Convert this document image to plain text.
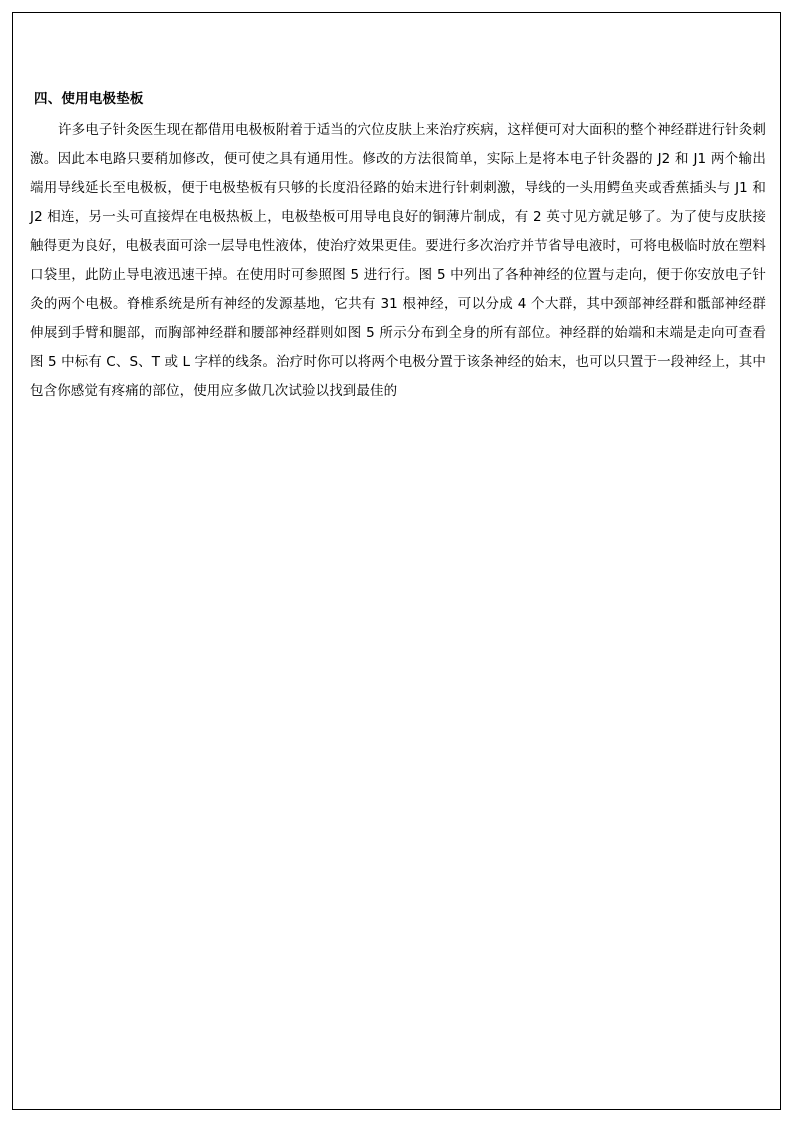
四、使用电极垫板

许多电子针灸医生现在都借用电极板附着于适当的穴位皮肤上来治疗疾病，这样便可对大面积的整个神经群进行针灸刺激。因此本电路只要稍加修改，便可使之具有通用性。修改的方法很简单，实际上是将本电子针灸器的 J2 和 J1 两个输出端用导线延长至电极板，便于电极垫板有只够的长度沿径路的始末进行针刺刺激，导线的一头用鳄鱼夹或香蕉插头与 J1 和 J2 相连，另一头可直接焊在电极热板上，电极垫板可用导电良好的铜薄片制成，有 2 英寸见方就足够了。为了使与皮肤接触得更为良好，电极表面可涂一层导电性液体，使治疗效果更佳。要进行多次治疗并节省导电液时，可将电极临时放在塑料口袋里，此防止导电液迅速干掉。在使用时可参照图 5 进行行。图 5 中列出了各种神经的位置与走向，便于你安放电子针灸的两个电极。脊椎系统是所有神经的发源基地，它共有 31 根神经，可以分成 4 个大群，其中颈部神经群和骶部神经群伸展到手臂和腿部，而胸部神经群和腰部神经群则如图 5 所示分布到全身的所有部位。神经群的始端和末端是走向可查看图 5 中标有 C、S、T 或 L 字样的线条。治疗时你可以将两个电极分置于该条神经的始末，也可以只置于一段神经上，其中包含你感觉有疼痛的部位，使用应多做几次试验以找到最佳的
